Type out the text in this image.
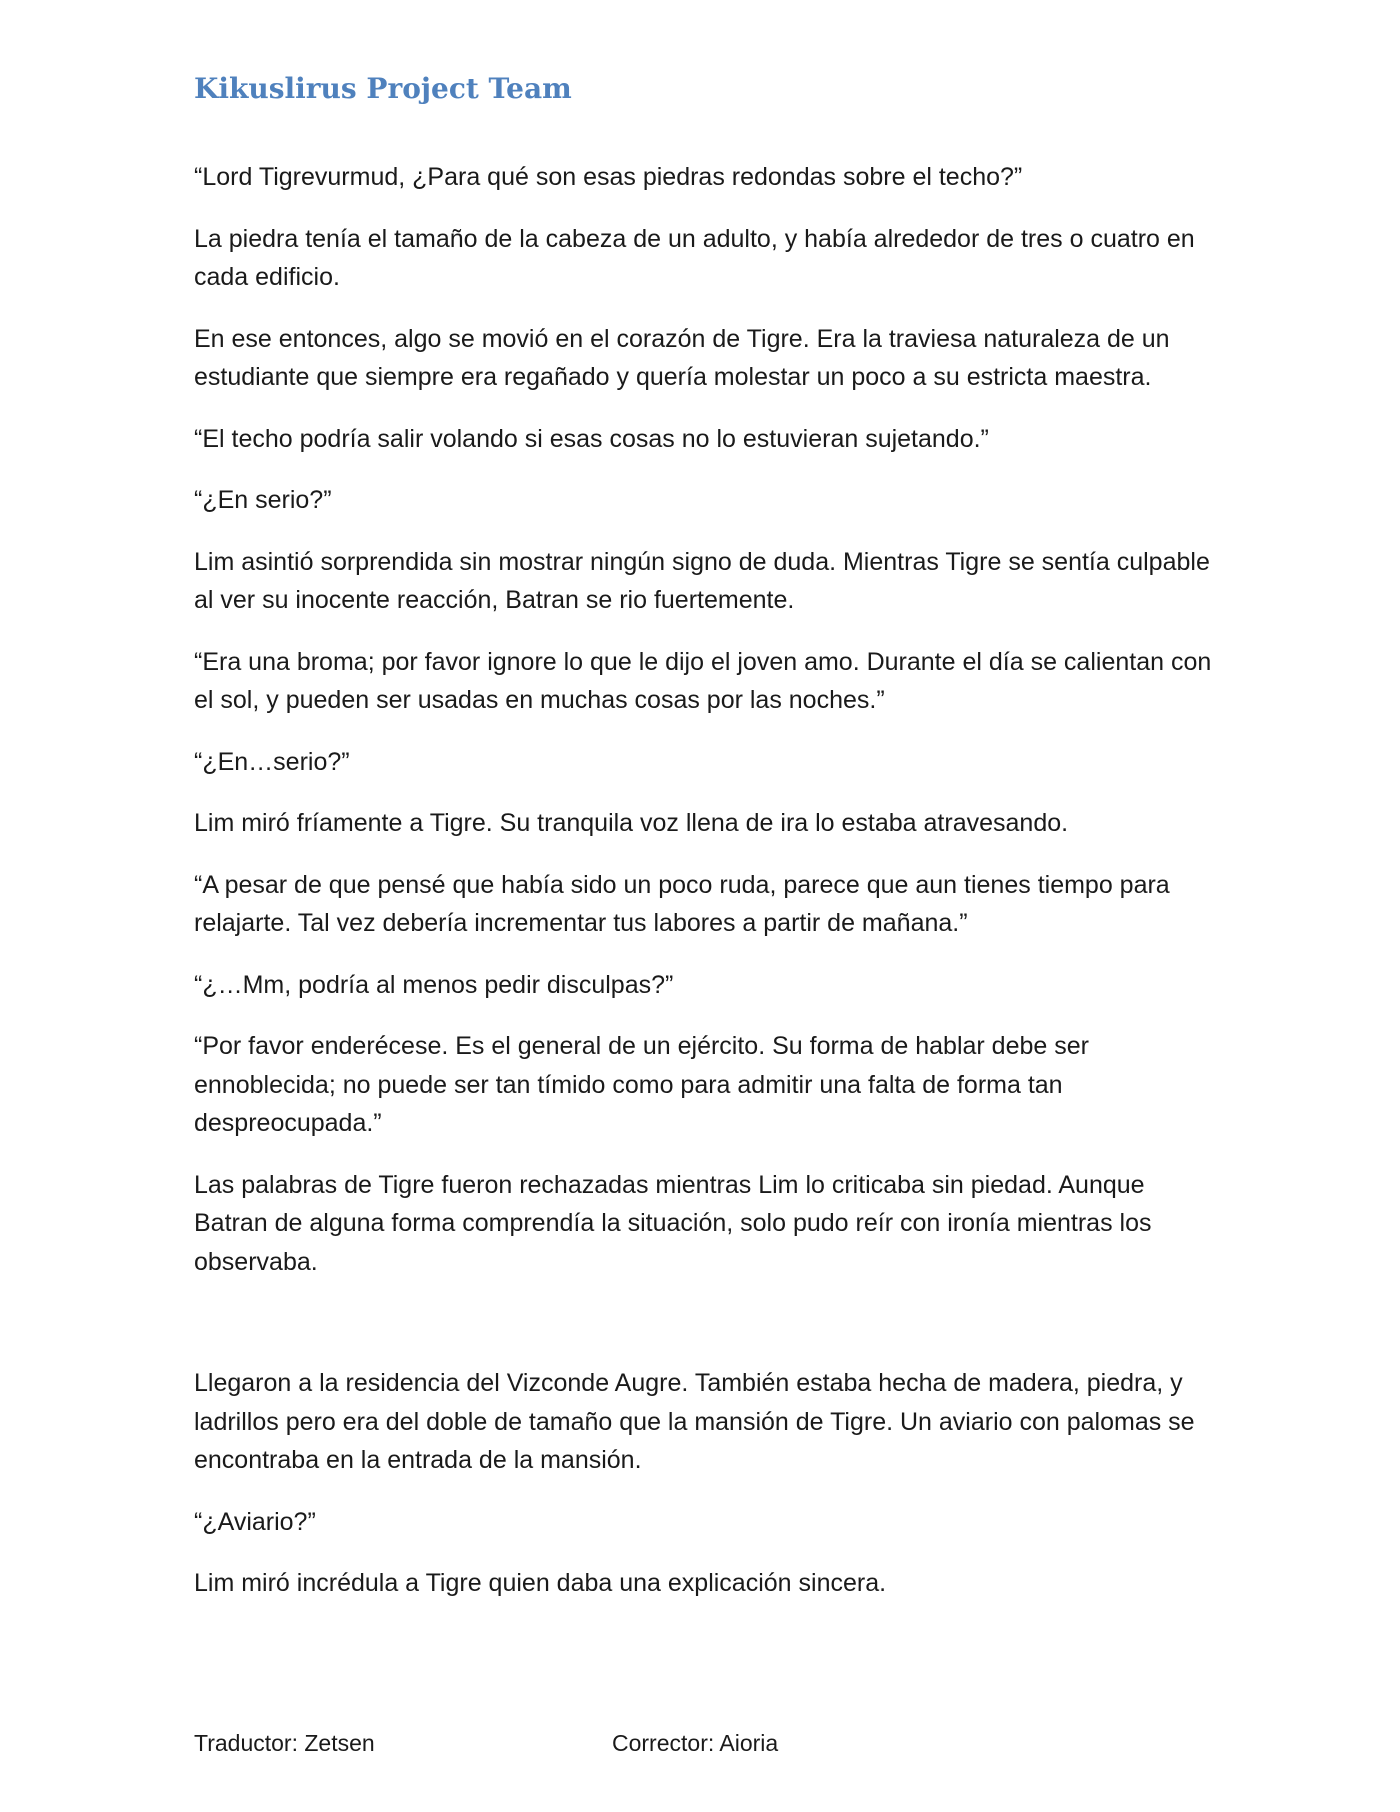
Kikuslirus Project Team

“Lord Tigrevurmud, ¿Para qué son esas piedras redondas sobre el techo?”

La piedra tenía el tamaño de la cabeza de un adulto, y había alrededor de tres o cuatro en cada edificio.

En ese entonces, algo se movió en el corazón de Tigre. Era la traviesa naturaleza de un estudiante que siempre era regañado y quería molestar un poco a su estricta maestra.

“El techo podría salir volando si esas cosas no lo estuvieran sujetando.”

“¿En serio?”

Lim asintió sorprendida sin mostrar ningún signo de duda. Mientras Tigre se sentía culpable al ver su inocente reacción, Batran se rio fuertemente.

“Era una broma; por favor ignore lo que le dijo el joven amo. Durante el día se calientan con el sol, y pueden ser usadas en muchas cosas por las noches.”

“¿En…serio?”

Lim miró fríamente a Tigre. Su tranquila voz llena de ira lo estaba atravesando.

“A pesar de que pensé que había sido un poco ruda, parece que aun tienes tiempo para relajarte. Tal vez debería incrementar tus labores a partir de mañana.”

“¿…Mm, podría al menos pedir disculpas?”

“Por favor enderécese. Es el general de un ejército. Su forma de hablar debe ser ennoblecida; no puede ser tan tímido como para admitir una falta de forma tan despreocupada.”

Las palabras de Tigre fueron rechazadas mientras Lim lo criticaba sin piedad. Aunque Batran de alguna forma comprendía la situación, solo pudo reír con ironía mientras los observaba.

Llegaron a la residencia del Vizconde Augre. También estaba hecha de madera, piedra, y ladrillos pero era del doble de tamaño que la mansión de Tigre. Un aviario con palomas se encontraba en la entrada de la mansión.

“¿Aviario?”

Lim miró incrédula a Tigre quien daba una explicación sincera.

Traductor: Zetsen	Corrector: Aioria
